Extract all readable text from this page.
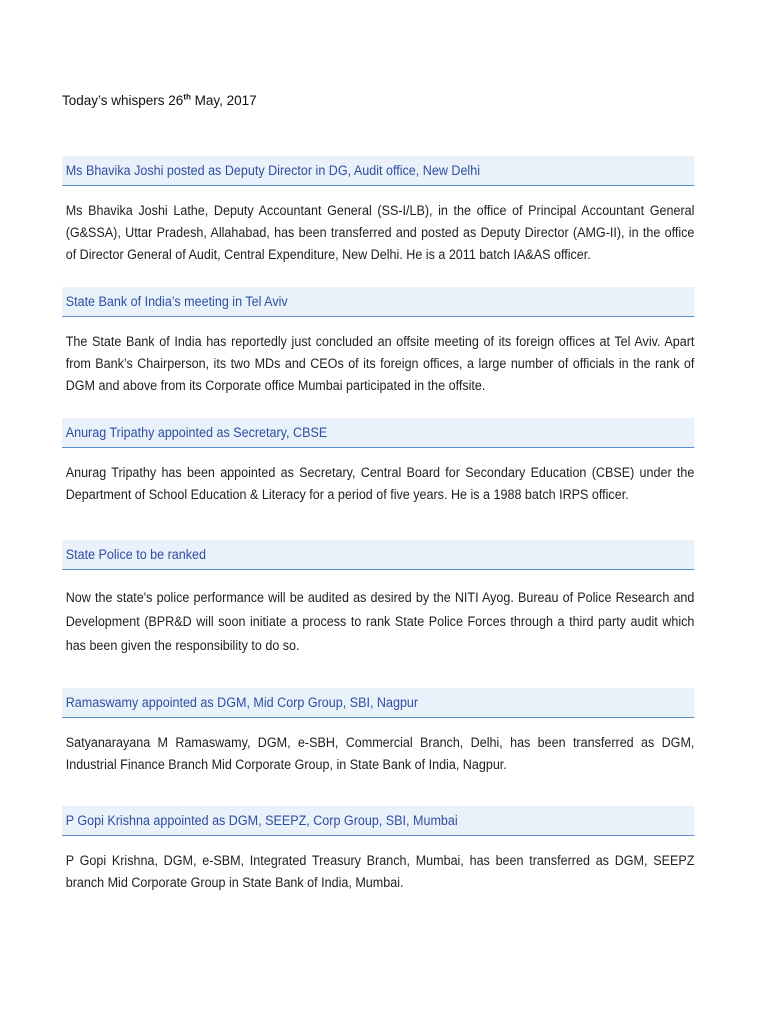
Today’s whispers 26th May, 2017
Ms Bhavika Joshi posted as Deputy Director in DG, Audit office, New Delhi
Ms Bhavika Joshi Lathe, Deputy Accountant General (SS-I/LB), in the office of Principal Accountant General (G&SSA), Uttar Pradesh, Allahabad, has been transferred and posted as Deputy Director (AMG-II), in the office of Director General of Audit, Central Expenditure, New Delhi. He is a 2011 batch IA&AS officer.
State Bank of India’s meeting in Tel Aviv
The State Bank of India has reportedly just concluded an offsite meeting of its foreign offices at Tel Aviv. Apart from Bank’s Chairperson, its two MDs and CEOs of its foreign offices, a large number of officials in the rank of DGM and above from its Corporate office Mumbai participated in the offsite.
Anurag Tripathy appointed as Secretary, CBSE
Anurag Tripathy has been appointed as Secretary, Central Board for Secondary Education (CBSE) under the Department of School Education & Literacy for a period of five years. He is a 1988 batch IRPS officer.
State Police to be ranked
Now the state's police performance will be audited as desired by the NITI Ayog. Bureau of Police Research and Development (BPR&D will soon initiate a process to rank State Police Forces through a third party audit which has been given the responsibility to do so.
Ramaswamy appointed as DGM, Mid Corp Group, SBI, Nagpur
Satyanarayana M Ramaswamy, DGM, e-SBH, Commercial Branch, Delhi, has been transferred as DGM, Industrial Finance Branch Mid Corporate Group, in State Bank of India, Nagpur.
P Gopi Krishna appointed as DGM, SEEPZ, Corp Group, SBI, Mumbai
P Gopi Krishna, DGM, e-SBM, Integrated Treasury Branch, Mumbai, has been transferred as DGM, SEEPZ branch Mid Corporate Group in State Bank of India, Mumbai.
